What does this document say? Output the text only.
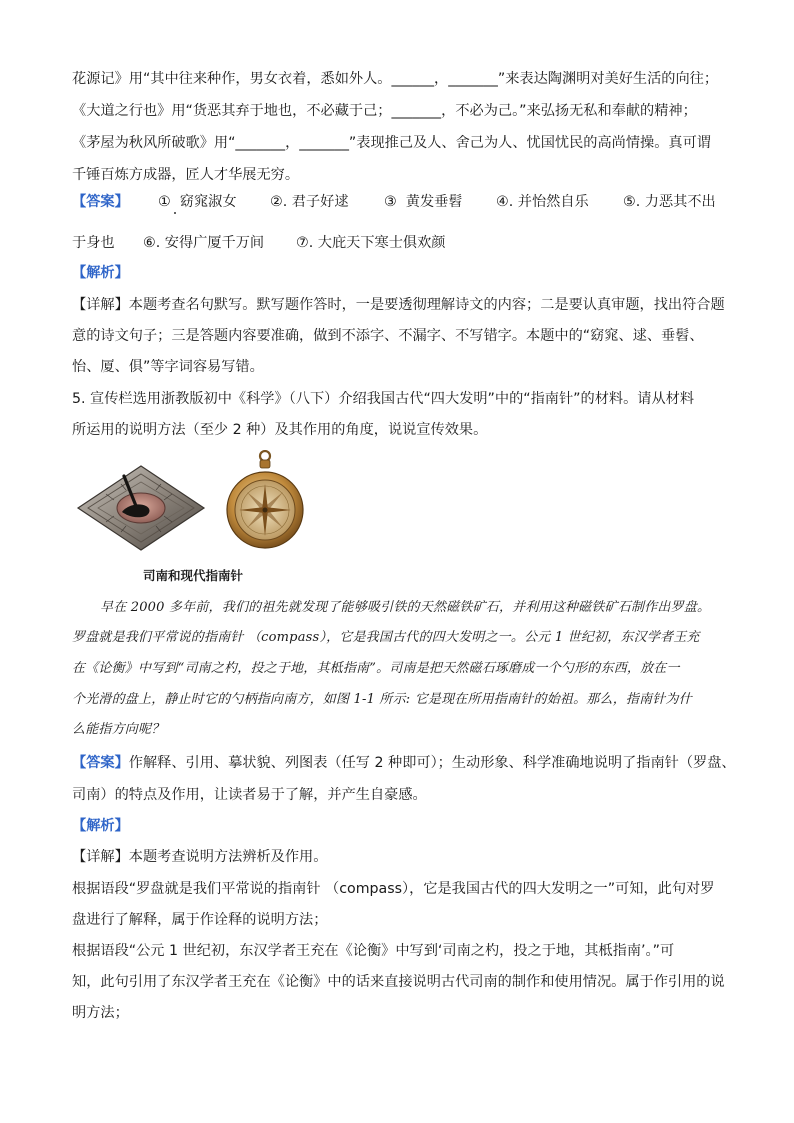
花源记》用“其中往来种作，男女衣着，悉如外人。______，_______”来表达陶渊明对美好生活的向往；
《大道之行也》用“货恶其弃于地也，不必藏于己；_______，不必为己。”来弘扬无私和奉献的精神；
《茅屋为秋风所破歌》用“_______，_______”表现推己及人、舍己为人、忧国忧民的高尚情操。真可谓
千锤百炼方成器，匠人才华展无穷。
【答案】 ① 窈窕淑女 ②. 君子好逑 ③ 黄发垂髫 ④. 并怡然自乐 ⑤. 力恶其不出
于身也 ⑥. 安得广厦千万间 ⑦. 大庇天下寒士俱欢颜
【解析】
【详解】本题考查名句默写。默写题作答时，一是要透彻理解诗文的内容；二是要认真审题，找出符合题
意的诗文句子；三是答题内容要准确，做到不添字、不漏字、不写错字。本题中的“窈窕、逑、垂髫、
怡、厦、俱”等字词容易写错。
5. 宣传栏选用浙教版初中《科学》（八下）介绍我国古代“四大发明”中的“指南针”的材料。请从材料
所运用的说明方法（至少 2 种）及其作用的角度，说说宣传效果。
司南和现代指南针
早在 2000 多年前，我们的祖先就发现了能够吸引铁的天然磁铁矿石，并利用这种磁铁矿石制作出罗盘。
罗盘就是我们平常说的指南针 （compass），它是我国古代的四大发明之一。公元 1 世纪初，东汉学者王充
在《论衡》中写到“司南之杓，投之于地，其柢指南”。司南是把天然磁石琢磨成一个勺形的东西，放在一
个光滑的盘上，静止时它的勺柄指向南方，如图 1-1 所示: 它是现在所用指南针的始祖。那么，指南针为什
么能指方向呢？
【答案】作解释、引用、摹状貌、列图表（任写 2 种即可）；生动形象、科学准确地说明了指南针（罗盘、
司南）的特点及作用，让读者易于了解，并产生自豪感。
【解析】
【详解】本题考查说明方法辨析及作用。
根据语段“罗盘就是我们平常说的指南针 （compass），它是我国古代的四大发明之一”可知，此句对罗
盘进行了解释，属于作诠释的说明方法；
根据语段“公元 1 世纪初，东汉学者王充在《论衡》中写到‘司南之杓，投之于地，其柢指南’。”可
知，此句引用了东汉学者王充在《论衡》中的话来直接说明古代司南的制作和使用情况。属于作引用的说
明方法；
